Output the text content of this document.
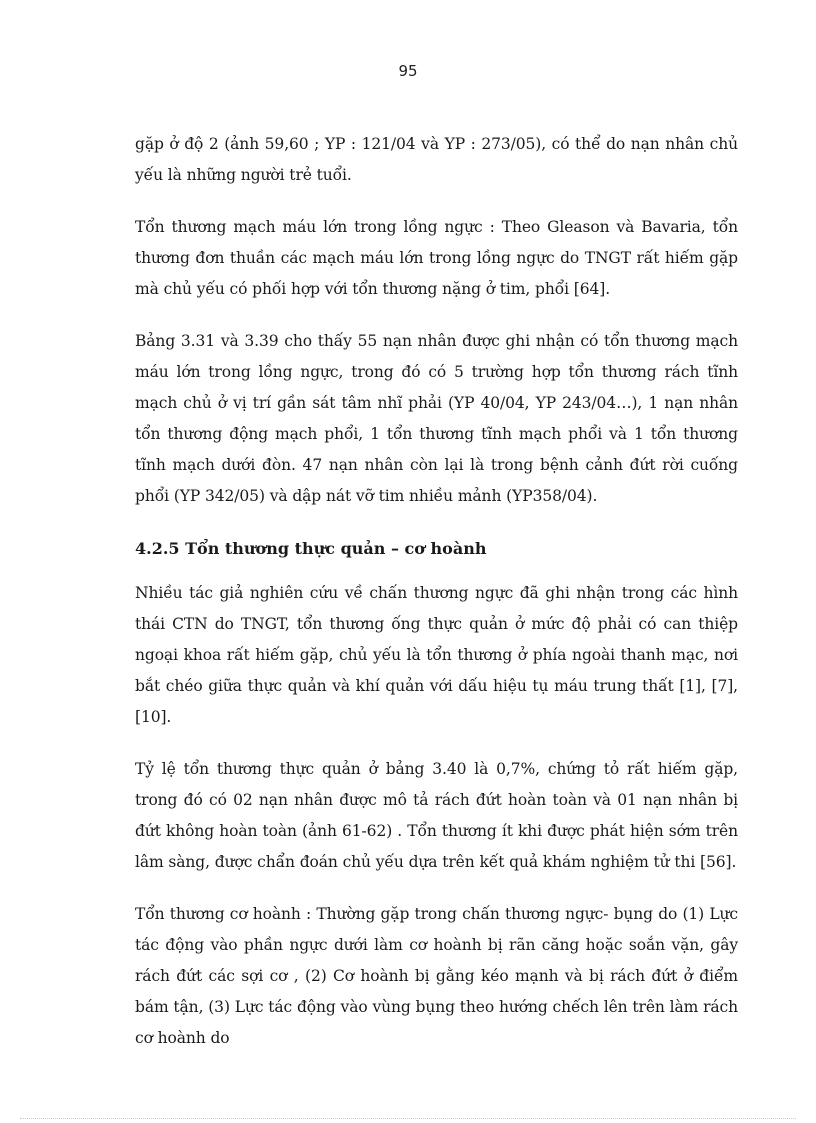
95

gặp ở độ 2 (ảnh 59,60 ; YP : 121/04 và YP : 273/05), có thể do nạn nhân chủ yếu là những người trẻ tuổi.

Tổn thương mạch máu lớn trong lồng ngực : Theo Gleason và Bavaria, tổn thương đơn thuần các mạch máu lớn trong lồng ngực do TNGT rất hiếm gặp mà chủ yếu có phối hợp với tổn thương nặng ở tim, phổi [64].

Bảng 3.31 và 3.39 cho thấy 55 nạn nhân được ghi nhận có tổn thương mạch máu lớn trong lồng ngực, trong đó có 5 trường hợp tổn thương rách tĩnh mạch chủ ở vị trí gần sát tâm nhĩ phải (YP 40/04, YP 243/04…), 1 nạn nhân tổn thương động mạch phổi, 1 tổn thương tĩnh mạch phổi và 1 tổn thương tĩnh mạch dưới đòn. 47 nạn nhân còn lại là trong bệnh cảnh đứt rời cuống phổi (YP 342/05) và dập nát vỡ tim nhiều mảnh (YP358/04).

4.2.5 Tổn thương thực quản – cơ hoành

Nhiều tác giả nghiên cứu về chấn thương ngực đã ghi nhận trong các hình thái CTN do TNGT, tổn thương ống thực quản ở mức độ phải có can thiệp ngoại khoa rất hiếm gặp, chủ yếu là tổn thương ở phía ngoài thanh mạc, nơi bắt chéo giữa thực quản và khí quản với dấu hiệu tụ máu trung thất [1], [7], [10].

Tỷ lệ tổn thương thực quản ở bảng 3.40 là 0,7%, chứng tỏ rất hiếm gặp, trong đó có 02 nạn nhân được mô tả rách đứt hoàn toàn và 01 nạn nhân bị đứt không hoàn toàn (ảnh 61-62) . Tổn thương ít khi được phát hiện sớm trên lâm sàng, được chẩn đoán chủ yếu dựa trên kết quả khám nghiệm tử thi [56].

Tổn thương cơ hoành : Thường gặp trong chấn thương ngực- bụng do (1) Lực tác động vào phần ngực dưới làm cơ hoành bị rãn căng hoặc soắn vặn, gây rách đứt các sợi cơ , (2) Cơ hoành bị gằng kéo mạnh và bị rách đứt ở điểm bám tận, (3) Lực tác động vào vùng bụng theo hướng chếch lên trên làm rách cơ hoành do
